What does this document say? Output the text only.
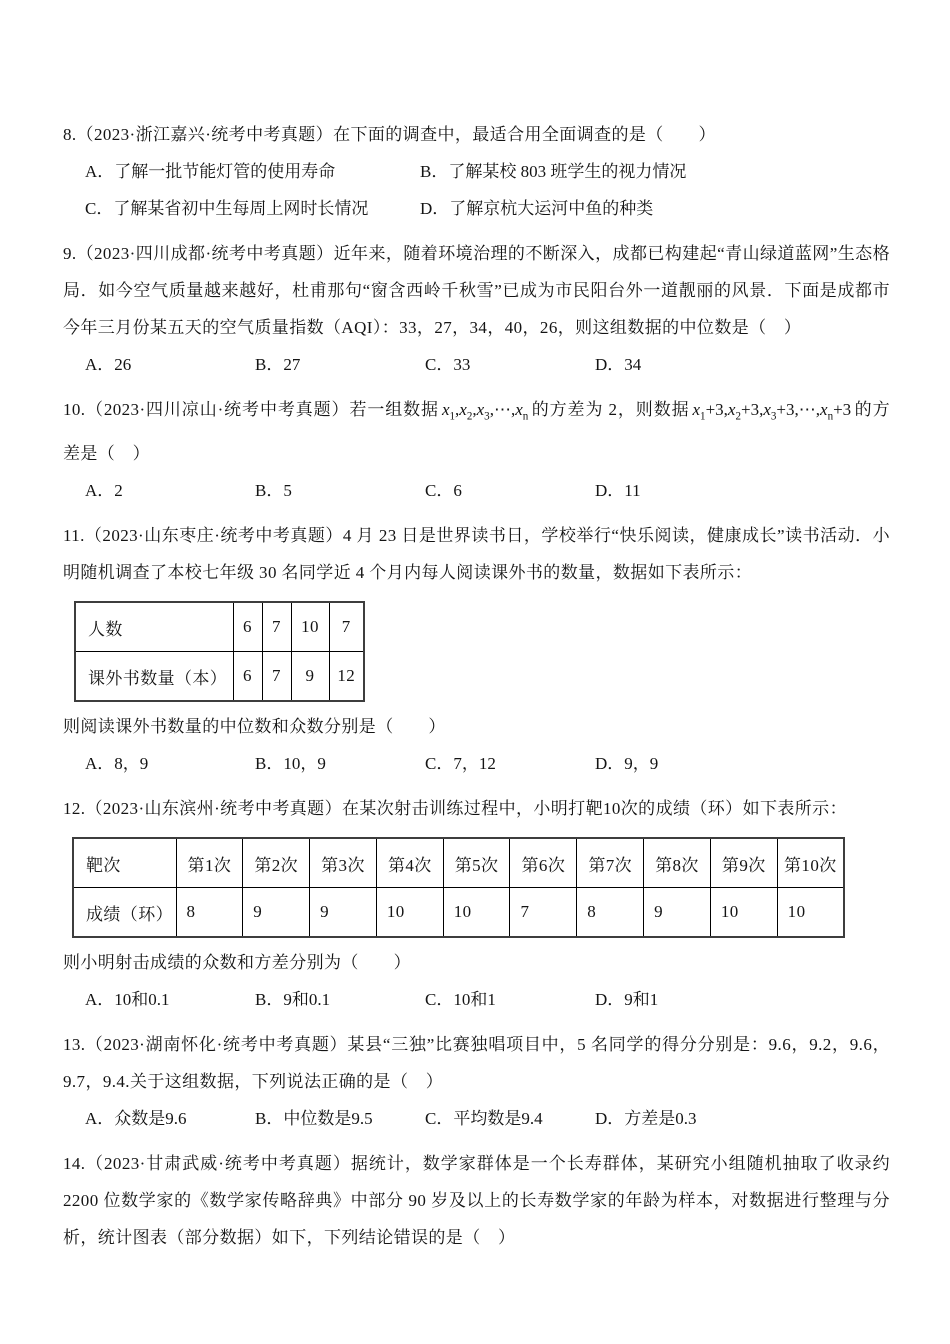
8.（2023·浙江嘉兴·统考中考真题）在下面的调查中，最适合用全面调查的是（　　）

A．了解一批节能灯管的使用寿命	B．了解某校 803 班学生的视力情况
C．了解某省初中生每周上网时长情况	D．了解京杭大运河中鱼的种类

9.（2023·四川成都·统考中考真题）近年来，随着环境治理的不断深入，成都已构建起“青山绿道蓝网”生态格局．如今空气质量越来越好，杜甫那句“窗含西岭千秋雪”已成为市民阳台外一道靓丽的风景．下面是成都市今年三月份某五天的空气质量指数（AQI）：33，27，34，40，26，则这组数据的中位数是（　）

A．26	B．27	C．33	D．34

10.（2023·四川凉山·统考中考真题）若一组数据 $x_1,x_2,x_3,\cdots,x_n$ 的方差为 2，则数据 $x_1+3,x_2+3,x_3+3,\cdots,x_n+3$ 的方差是（　）

A．2	B．5	C．6	D．11

11.（2023·山东枣庄·统考中考真题）4 月 23 日是世界读书日，学校举行“快乐阅读，健康成长”读书活动．小明随机调查了本校七年级 30 名同学近 4 个月内每人阅读课外书的数量，数据如下表所示：

人数	6	7	10	7
课外书数量（本）	6	7	9	12

则阅读课外书数量的中位数和众数分别是（　　）

A．8，9	B．10，9	C．7，12	D．9，9

12.（2023·山东滨州·统考中考真题）在某次射击训练过程中，小明打靶10次的成绩（环）如下表所示：

靶次	第1次	第2次	第3次	第4次	第5次	第6次	第7次	第8次	第9次	第10次
成绩（环）	8	9	9	10	10	7	8	9	10	10

则小明射击成绩的众数和方差分别为（　　）

A．10和0.1	B．9和0.1	C．10和1	D．9和1

13.（2023·湖南怀化·统考中考真题）某县“三独”比赛独唱项目中，5 名同学的得分分别是：9.6，9.2，9.6，9.7，9.4.关于这组数据，下列说法正确的是（　）

A．众数是9.6	B．中位数是9.5	C．平均数是9.4	D．方差是0.3

14.（2023·甘肃武威·统考中考真题）据统计，数学家群体是一个长寿群体，某研究小组随机抽取了收录约 2200 位数学家的《数学家传略辞典》中部分 90 岁及以上的长寿数学家的年龄为样本，对数据进行整理与分析，统计图表（部分数据）如下，下列结论错误的是（　）
